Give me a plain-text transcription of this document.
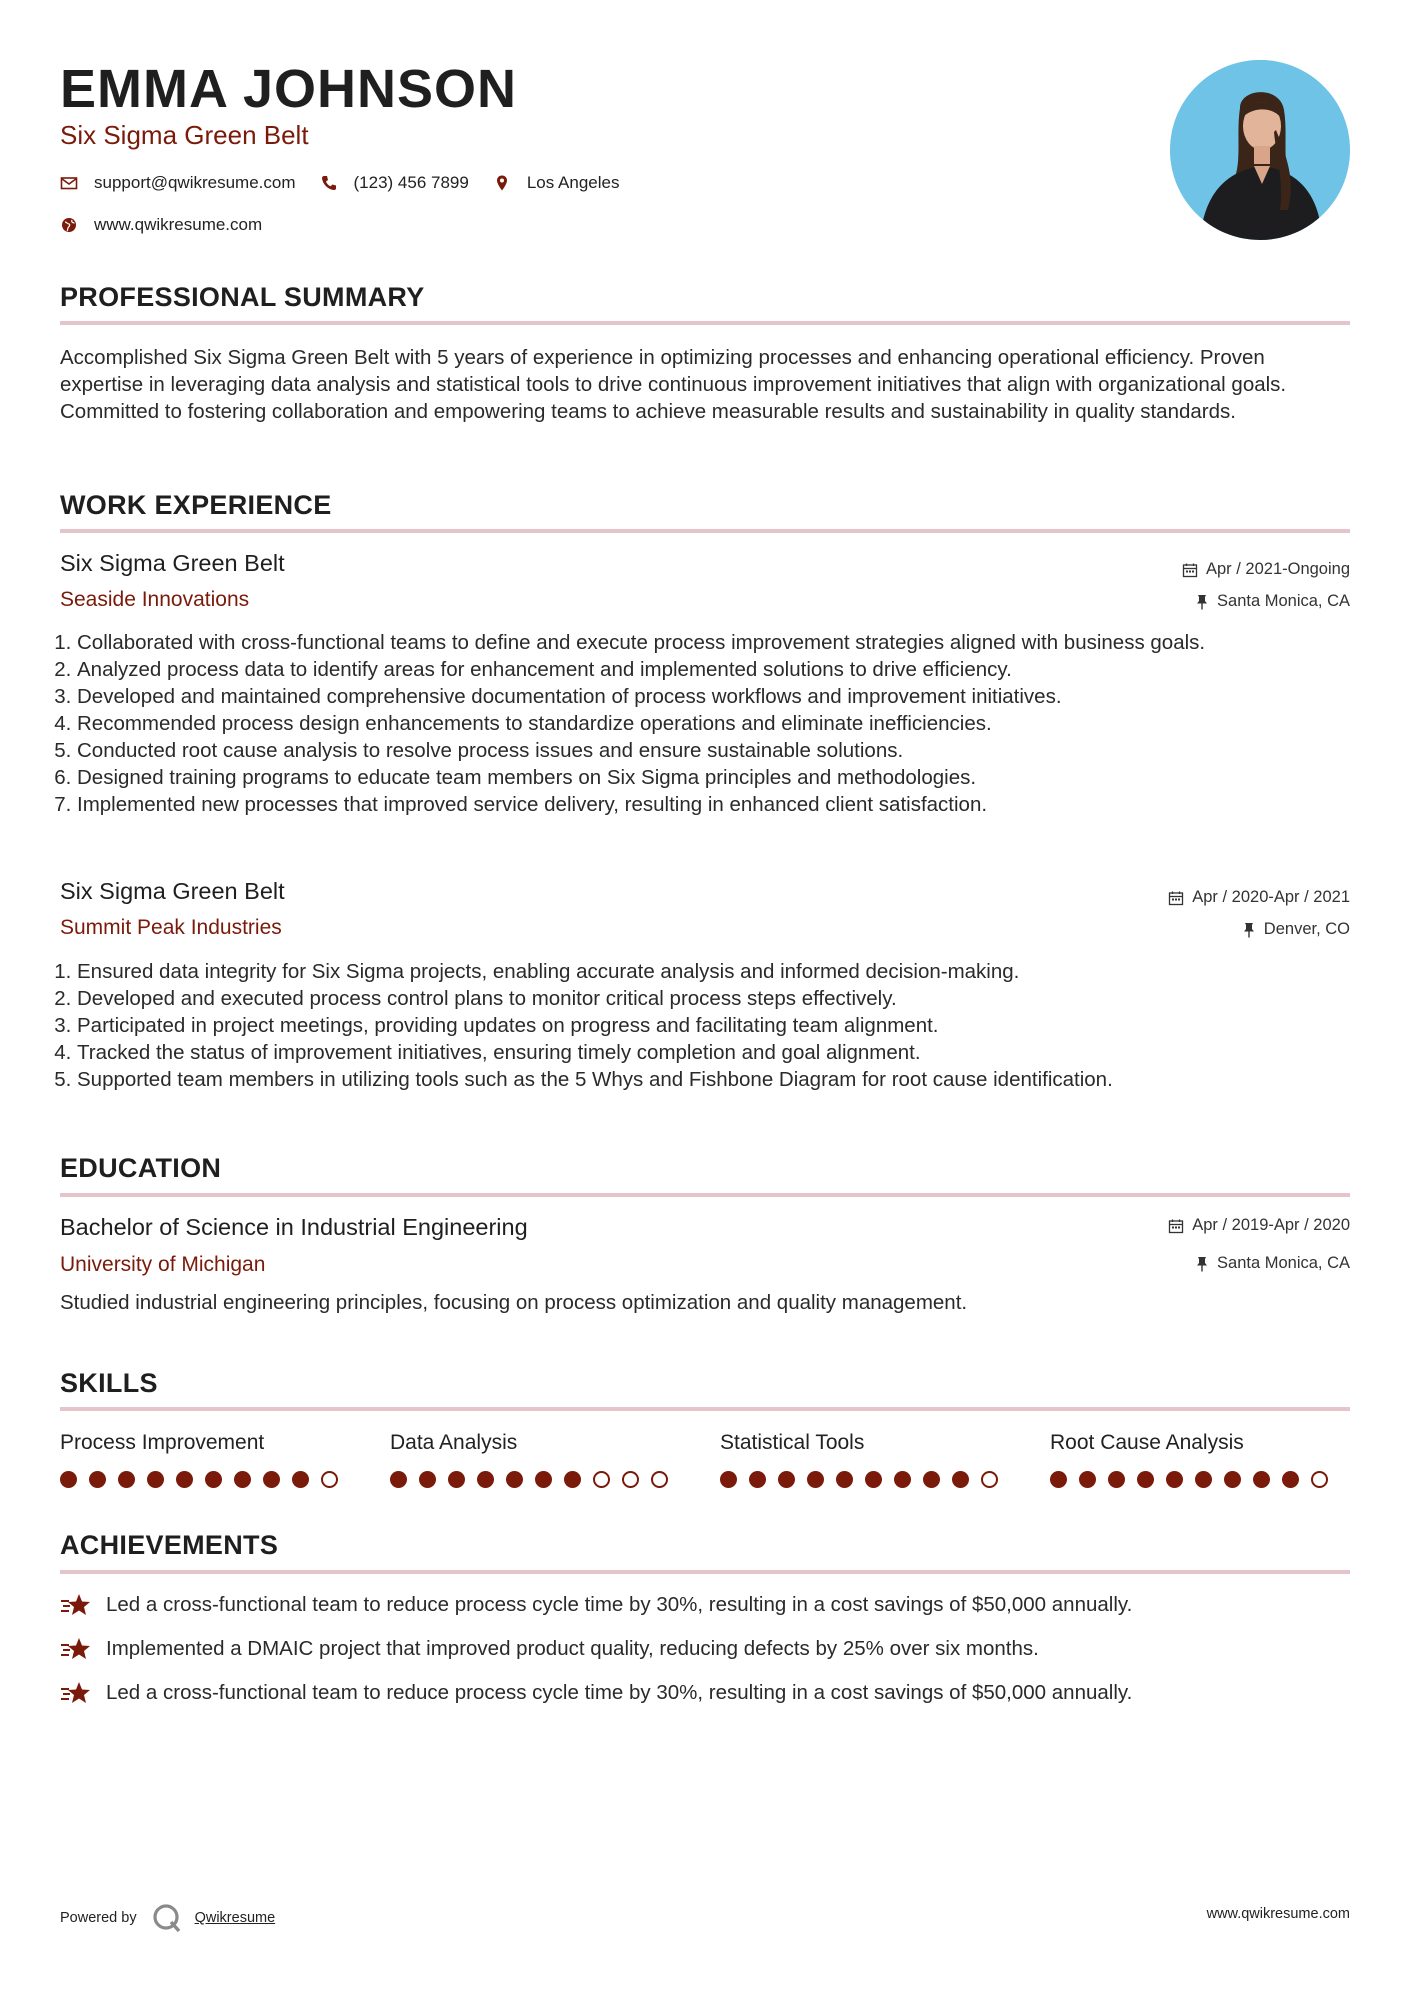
EMMA JOHNSON
Six Sigma Green Belt
support@qwikresume.com	(123) 456 7899	Los Angeles
www.qwikresume.com
PROFESSIONAL SUMMARY
Accomplished Six Sigma Green Belt with 5 years of experience in optimizing processes and enhancing operational efficiency. Proven expertise in leveraging data analysis and statistical tools to drive continuous improvement initiatives that align with organizational goals. Committed to fostering collaboration and empowering teams to achieve measurable results and sustainability in quality standards.
WORK EXPERIENCE
Six Sigma Green Belt	Apr / 2021-Ongoing
Seaside Innovations	Santa Monica, CA
1. Collaborated with cross-functional teams to define and execute process improvement strategies aligned with business goals.
2. Analyzed process data to identify areas for enhancement and implemented solutions to drive efficiency.
3. Developed and maintained comprehensive documentation of process workflows and improvement initiatives.
4. Recommended process design enhancements to standardize operations and eliminate inefficiencies.
5. Conducted root cause analysis to resolve process issues and ensure sustainable solutions.
6. Designed training programs to educate team members on Six Sigma principles and methodologies.
7. Implemented new processes that improved service delivery, resulting in enhanced client satisfaction.
Six Sigma Green Belt	Apr / 2020-Apr / 2021
Summit Peak Industries	Denver, CO
1. Ensured data integrity for Six Sigma projects, enabling accurate analysis and informed decision-making.
2. Developed and executed process control plans to monitor critical process steps effectively.
3. Participated in project meetings, providing updates on progress and facilitating team alignment.
4. Tracked the status of improvement initiatives, ensuring timely completion and goal alignment.
5. Supported team members in utilizing tools such as the 5 Whys and Fishbone Diagram for root cause identification.
EDUCATION
Bachelor of Science in Industrial Engineering	Apr / 2019-Apr / 2020
University of Michigan	Santa Monica, CA
Studied industrial engineering principles, focusing on process optimization and quality management.
SKILLS
Process Improvement	Data Analysis	Statistical Tools	Root Cause Analysis
ACHIEVEMENTS
Led a cross-functional team to reduce process cycle time by 30%, resulting in a cost savings of $50,000 annually.
Implemented a DMAIC project that improved product quality, reducing defects by 25% over six months.
Led a cross-functional team to reduce process cycle time by 30%, resulting in a cost savings of $50,000 annually.
Powered by	Qwikresume	www.qwikresume.com
